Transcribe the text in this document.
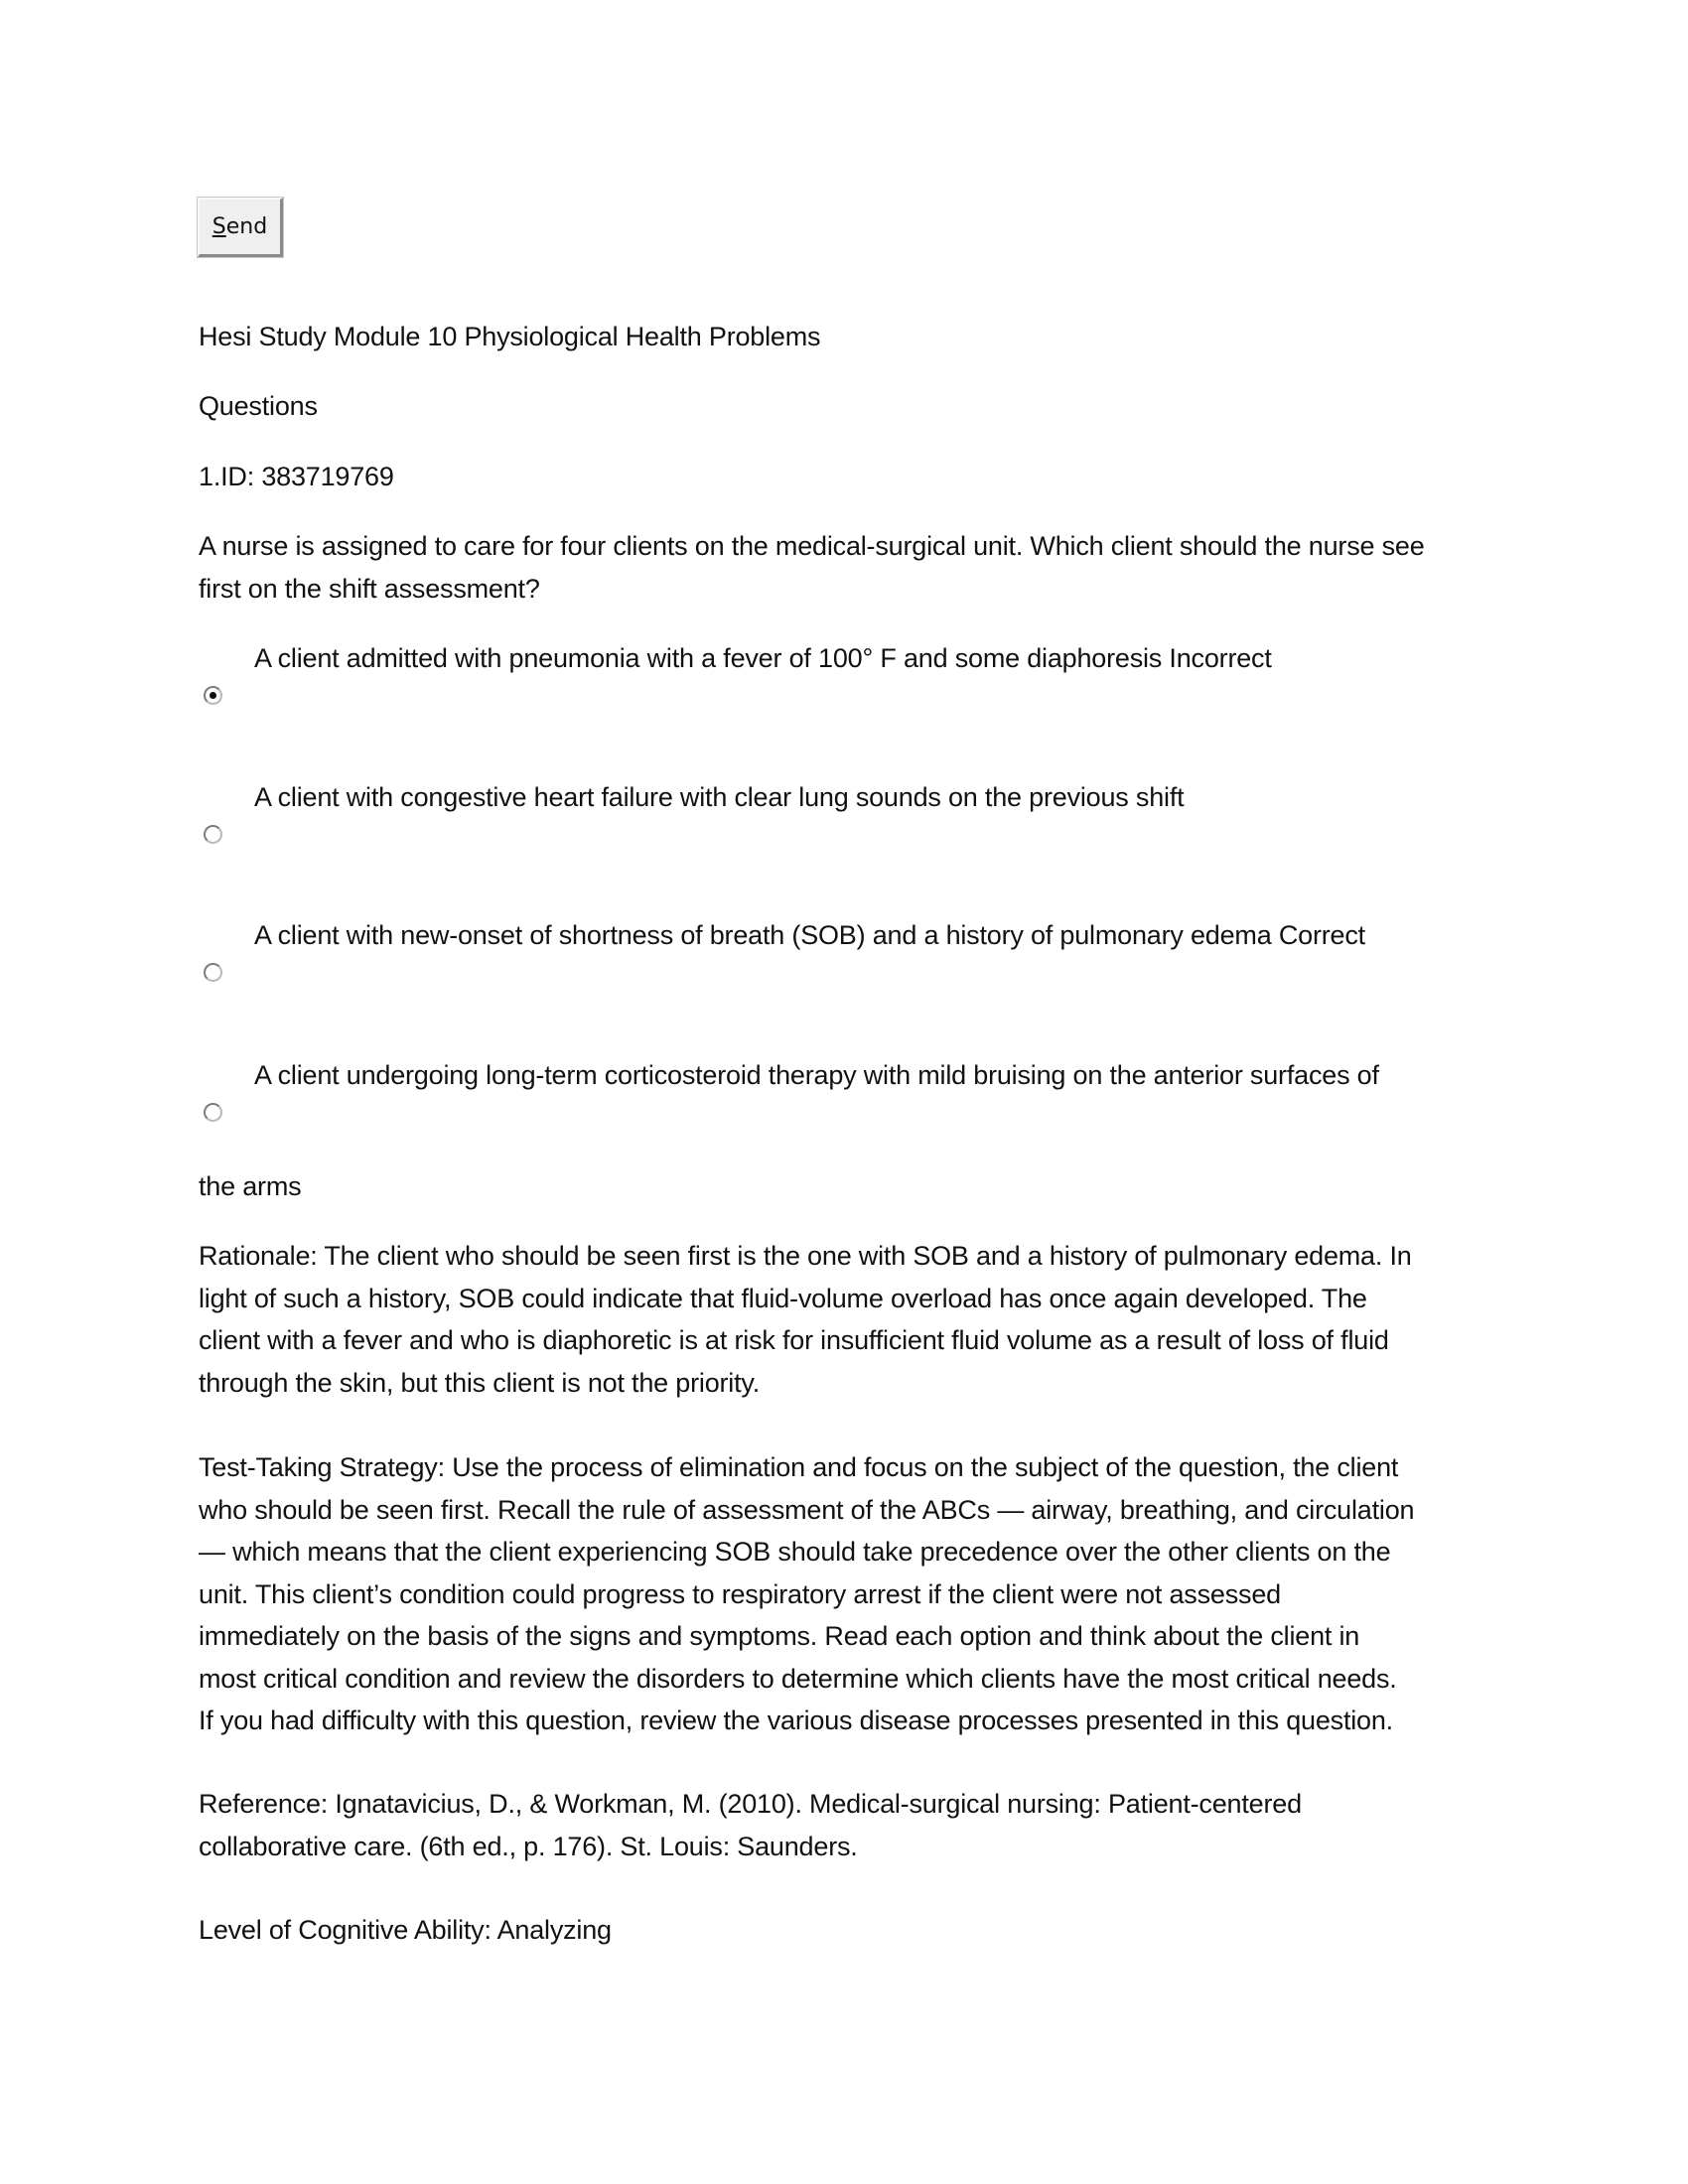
S end
Hesi Study Module 10 Physiological Health Problems
Questions
1.ID: 383719769
A nurse is assigned to care for four clients on the medical-surgical unit. Which client should the nurse see
first on the shift assessment?
A client admitted with pneumonia with a fever of 100° F and some diaphoresis Incorrect
A client with congestive heart failure with clear lung sounds on the previous shift
A client with new-onset of shortness of breath (SOB) and a history of pulmonary edema Correct
A client undergoing long-term corticosteroid therapy with mild bruising on the anterior surfaces of
the arms
Rationale: The client who should be seen first is the one with SOB and a history of pulmonary edema. In
light of such a history, SOB could indicate that fluid-volume overload has once again developed. The
client with a fever and who is diaphoretic is at risk for insufficient fluid volume as a result of loss of fluid
through the skin, but this client is not the priority.
Test-Taking Strategy: Use the process of elimination and focus on the subject of the question, the client
who should be seen first. Recall the rule of assessment of the ABCs — airway, breathing, and circulation
— which means that the client experiencing SOB should take precedence over the other clients on the
unit. This client’s condition could progress to respiratory arrest if the client were not assessed
immediately on the basis of the signs and symptoms. Read each option and think about the client in
most critical condition and review the disorders to determine which clients have the most critical needs.
If you had difficulty with this question, review the various disease processes presented in this question.
Reference: Ignatavicius, D., & Workman, M. (2010). Medical-surgical nursing: Patient-centered
collaborative care. (6th ed., p. 176). St. Louis: Saunders.
Level of Cognitive Ability: Analyzing
